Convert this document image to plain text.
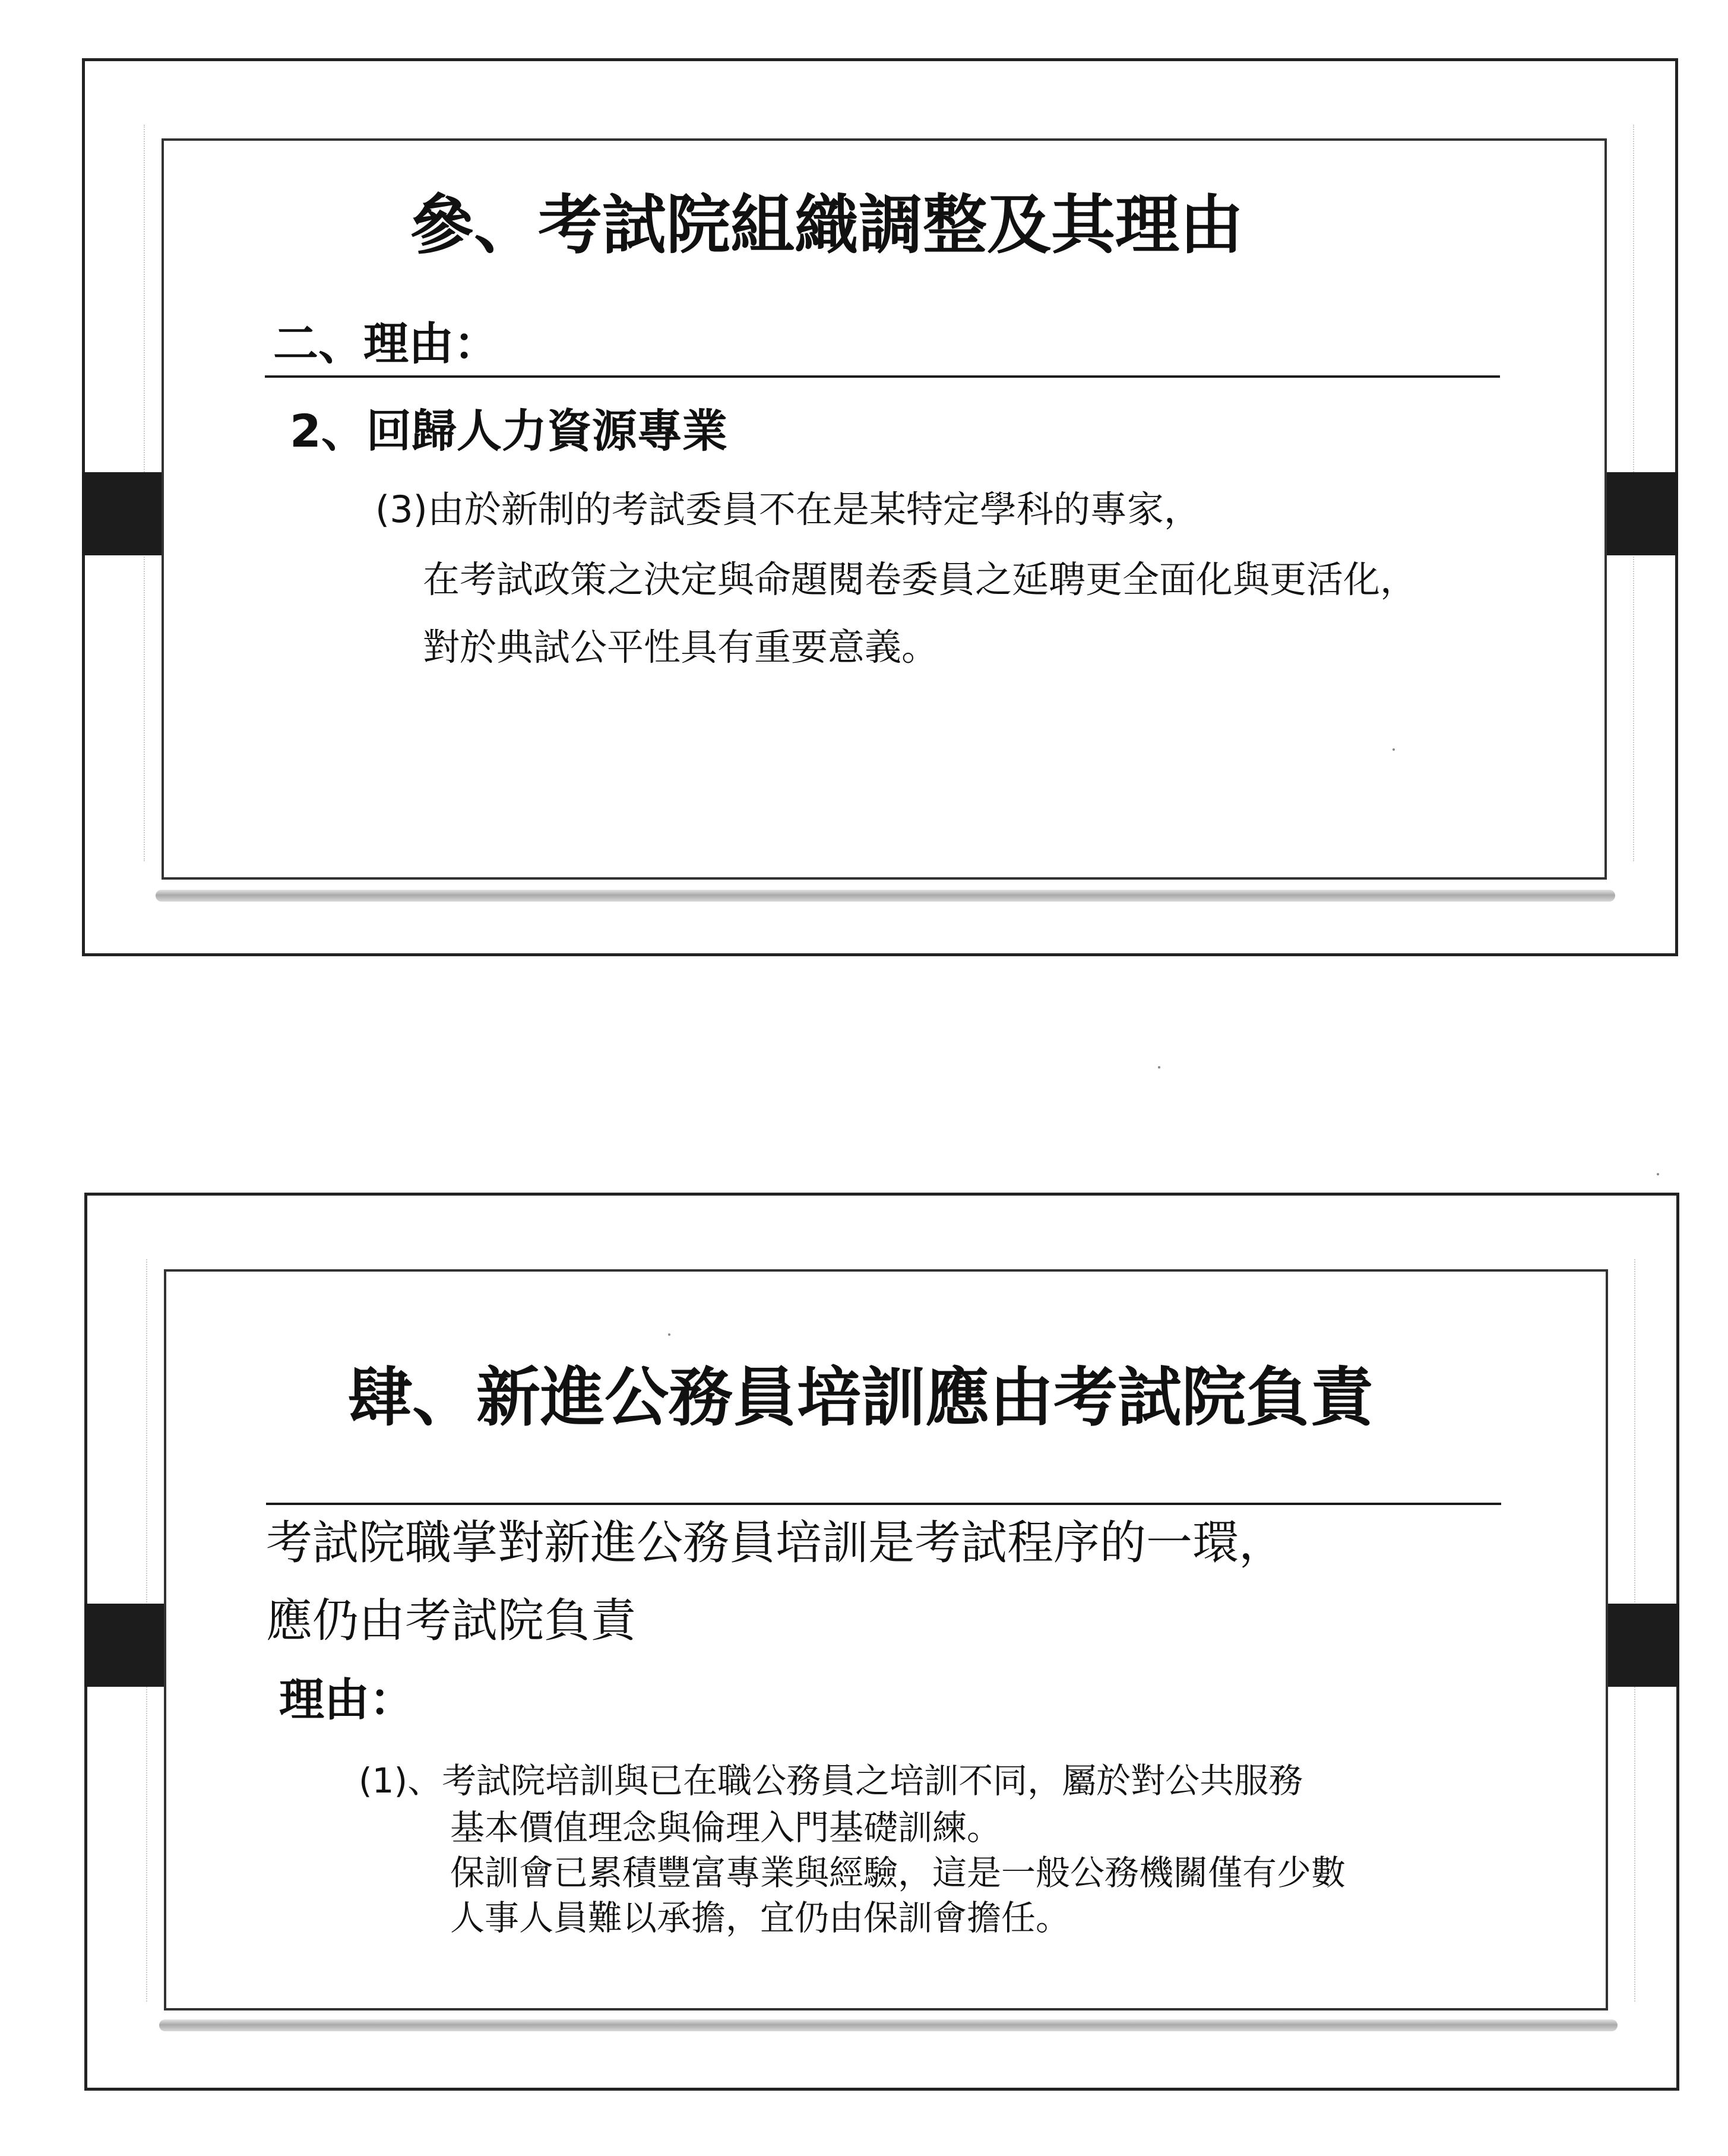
參、考試院組織調整及其理由
二、理由：
2、回歸人力資源專業
(3)由於新制的考試委員不在是某特定學科的專家，
在考試政策之決定與命題閱卷委員之延聘更全面化與更活化，
對於典試公平性具有重要意義。
肆、新進公務員培訓應由考試院負責
考試院職掌對新進公務員培訓是考試程序的一環，
應仍由考試院負責
理由：
(1)、考試院培訓與已在職公務員之培訓不同，屬於對公共服務
基本價值理念與倫理入門基礎訓練。
保訓會已累積豐富專業與經驗，這是一般公務機關僅有少數
人事人員難以承擔，宜仍由保訓會擔任。
